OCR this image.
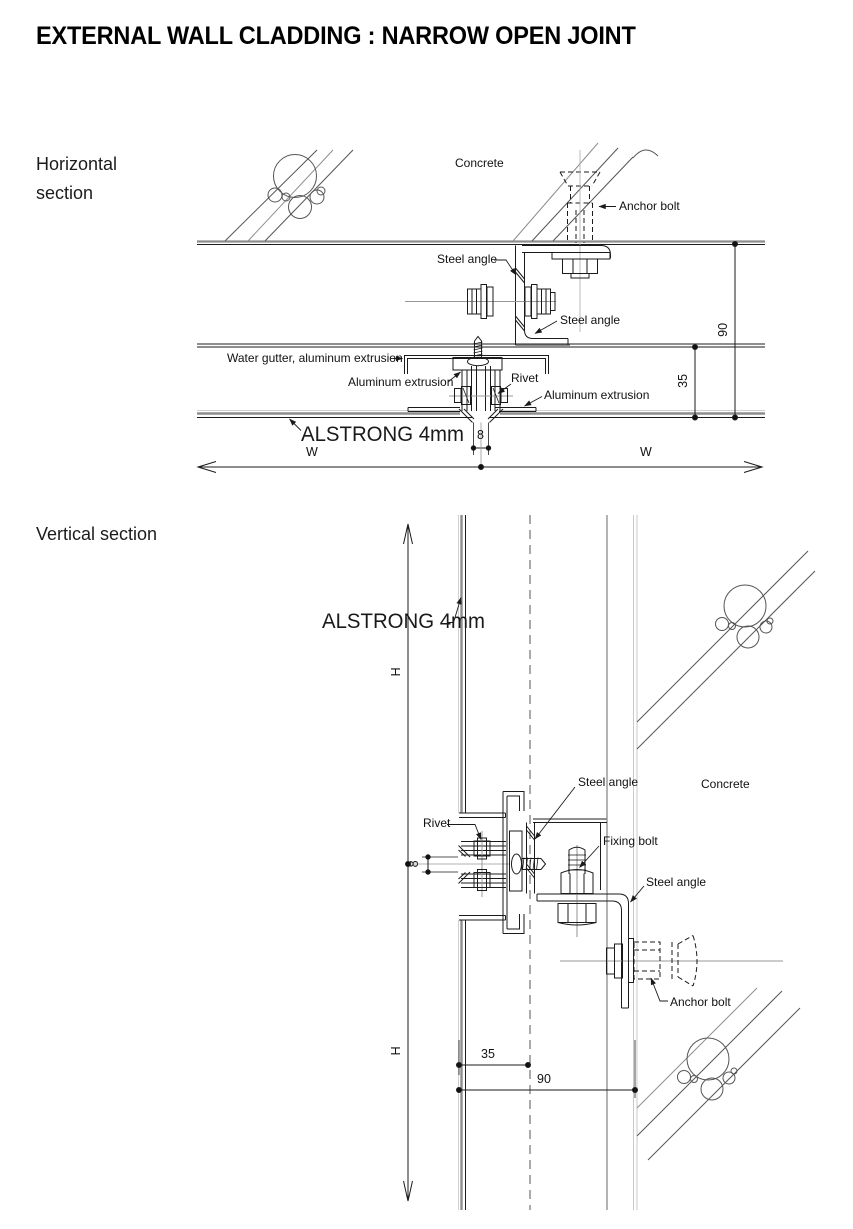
EXTERNAL WALL CLADDING : NARROW OPEN JOINT
Horizontal
section
Concrete
Anchor bolt
Steel angle
Steel angle
Water gutter, aluminum extrusion
Aluminum extrusion	Rivet
Aluminum extrusion
ALSTRONG 4mm
90
35
8
W	W
Vertical section
ALSTRONG 4mm
Steel angle	Concrete
Rivet
Fixing bolt
Steel angle
Anchor bolt
H
H
8
35
90
